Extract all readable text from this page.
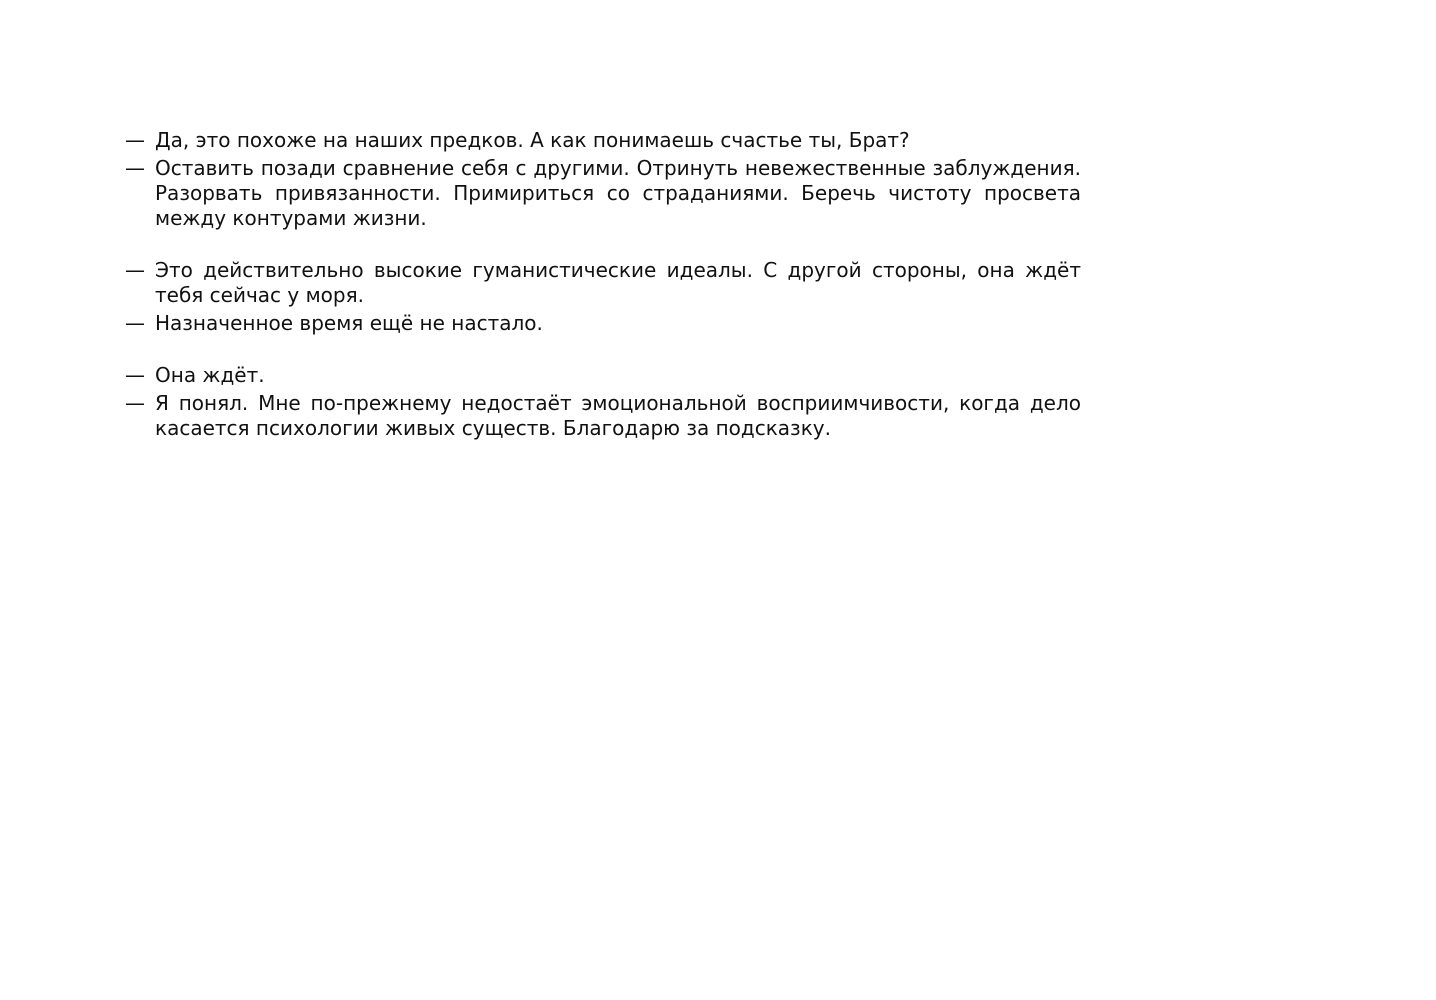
— Да, это похоже на наших предков. А как понимаешь счастье ты, Брат?

— Оставить позади сравнение себя с другими. Отринуть невежественные заблуждения. Разорвать привязанности. Примириться со страданиями. Беречь чистоту просвета между контурами жизни.

— Это действительно высокие гуманистические идеалы. С другой стороны, она ждёт тебя сейчас у моря.

— Назначенное время ещё не настало.

— Она ждёт.

— Я понял. Мне по-прежнему недостаёт эмоциональной восприимчивости, когда дело касается психологии живых существ. Благодарю за подсказку.
